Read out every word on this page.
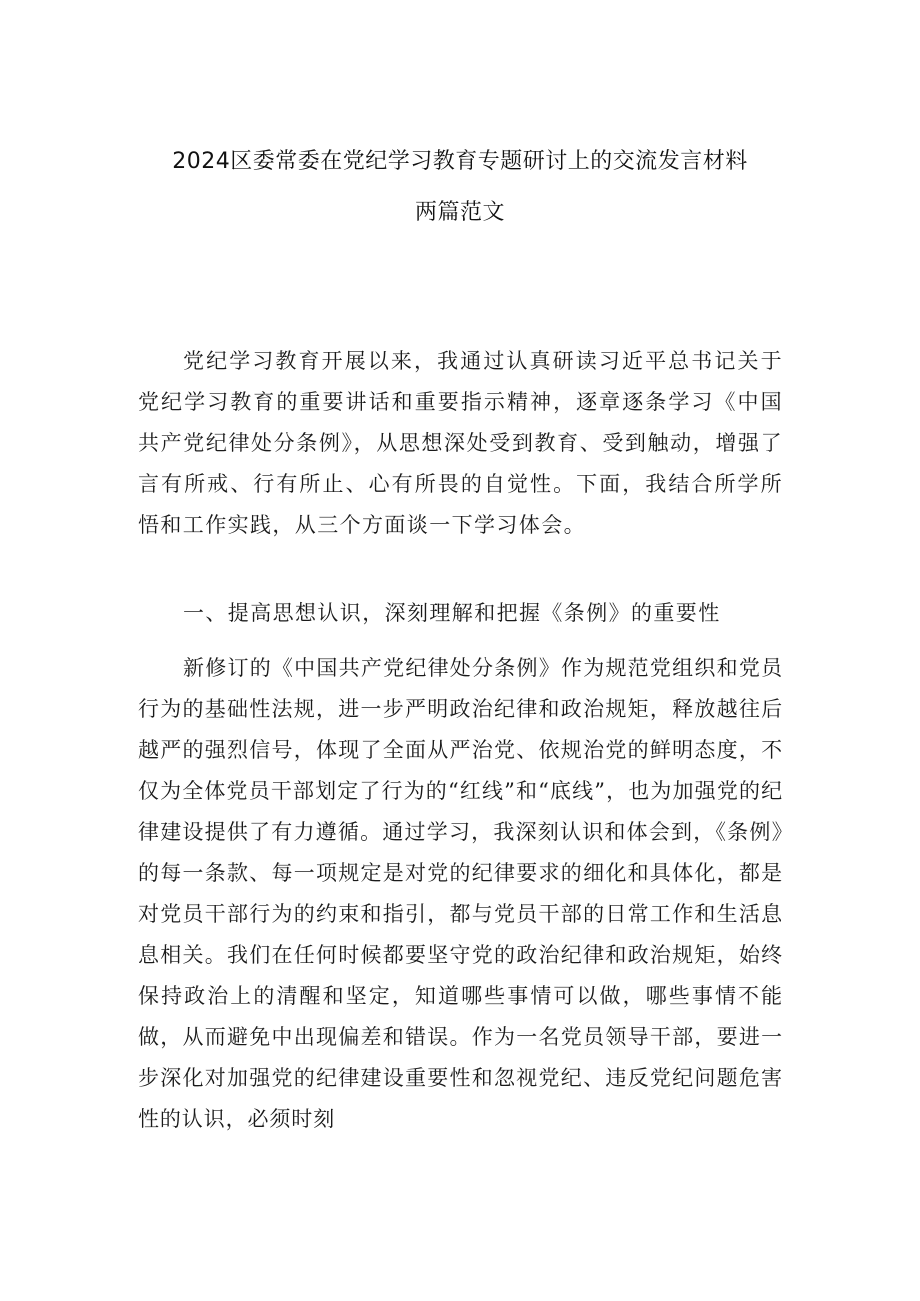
2024区委常委在党纪学习教育专题研讨上的交流发言材料
两篇范文

党纪学习教育开展以来，我通过认真研读习近平总书记关于党纪学习教育的重要讲话和重要指示精神，逐章逐条学习《中国共产党纪律处分条例》，从思想深处受到教育、受到触动，增强了言有所戒、行有所止、心有所畏的自觉性。下面，我结合所学所悟和工作实践，从三个方面谈一下学习体会。

一、提高思想认识，深刻理解和把握《条例》的重要性

新修订的《中国共产党纪律处分条例》作为规范党组织和党员行为的基础性法规，进一步严明政治纪律和政治规矩，释放越往后越严的强烈信号，体现了全面从严治党、依规治党的鲜明态度，不仅为全体党员干部划定了行为的“红线”和“底线”，也为加强党的纪律建设提供了有力遵循。通过学习，我深刻认识和体会到，《条例》的每一条款、每一项规定是对党的纪律要求的细化和具体化，都是对党员干部行为的约束和指引，都与党员干部的日常工作和生活息息相关。我们在任何时候都要坚守党的政治纪律和政治规矩，始终保持政治上的清醒和坚定，知道哪些事情可以做，哪些事情不能做，从而避免中出现偏差和错误。作为一名党员领导干部，要进一步深化对加强党的纪律建设重要性和忽视党纪、违反党纪问题危害性的认识，必须时刻
